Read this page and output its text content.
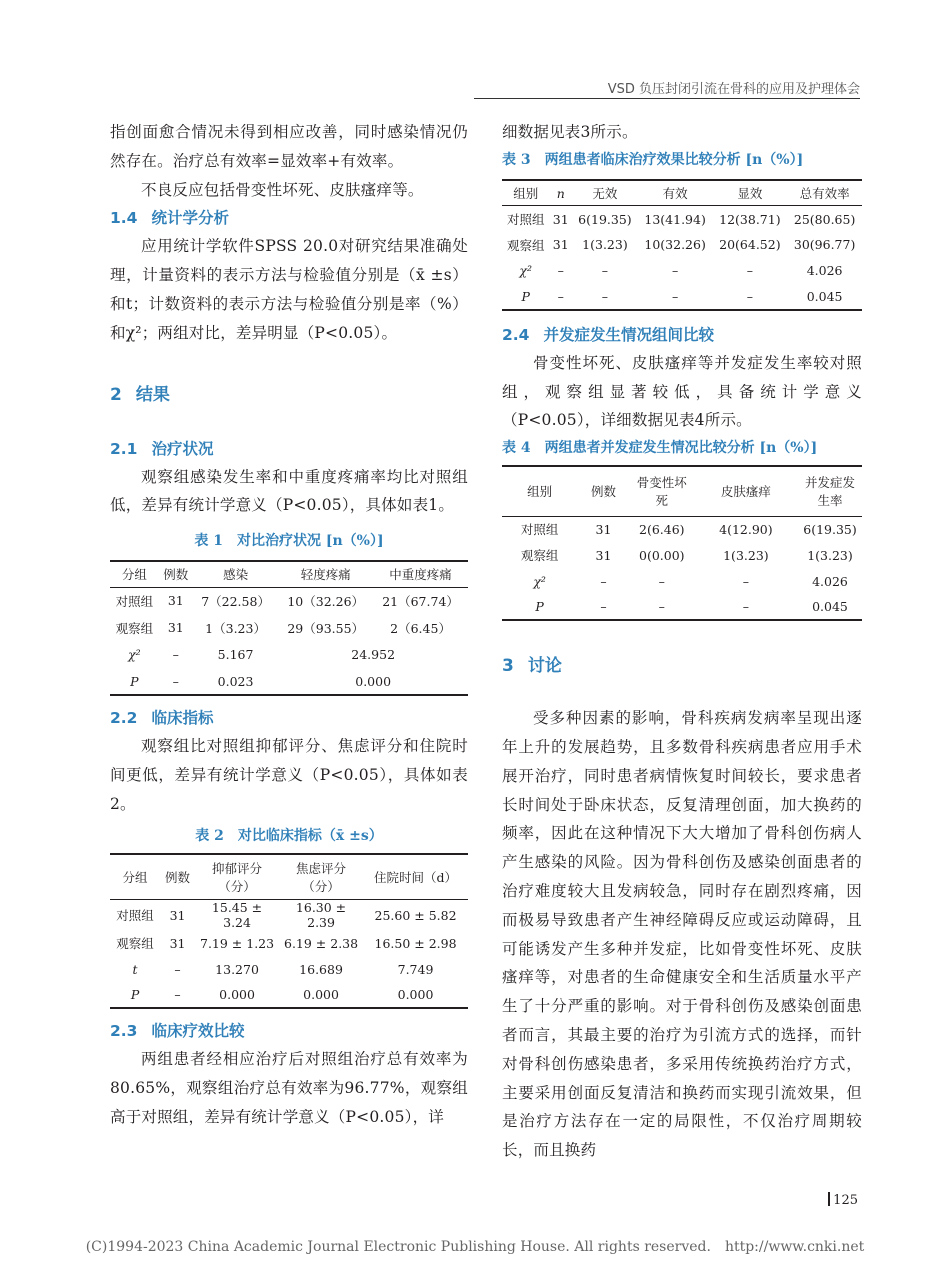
VSD 负压封闭引流在骨科的应用及护理体会

指创面愈合情况未得到相应改善，同时感染情况仍然存在。治疗总有效率=显效率+有效率。

不良反应包括骨变性坏死、皮肤瘙痒等。

1.4 统计学分析

应用统计学软件SPSS 20.0对研究结果准确处理，计量资料的表示方法与检验值分别是（x̄ ±s）和t；计数资料的表示方法与检验值分别是率（%）和χ²；两组对比，差异明显（P<0.05）。

2 结果
2.1 治疗状况

观察组感染发生率和中重度疼痛率均比对照组低，差异有统计学意义（P<0.05），具体如表1。

表 1　对比治疗状况 [n（%）]

分组	例数	感染	轻度疼痛	中重度疼痛
对照组	31	7（22.58）	10（32.26）	21（67.74）
观察组	31	1（3.23）	29（93.55）	2（6.45）
χ²	–	5.167	24.952	
P	–	0.023	0.000	
2.2 临床指标

观察组比对照组抑郁评分、焦虑评分和住院时间更低，差异有统计学意义（P<0.05），具体如表2。

表 2　对比临床指标（x̄ ±s）

分组	例数	抑郁评分（分）	焦虑评分（分）	住院时间（d）
对照组	31	15.45 ± 3.24	16.30 ± 2.39	25.60 ± 5.82
观察组	31	7.19 ± 1.23	6.19 ± 2.38	16.50 ± 2.98
t	–	13.270	16.689	7.749
P	–	0.000	0.000	0.000
2.3 临床疗效比较

两组患者经相应治疗后对照组治疗总有效率为80.65%，观察组治疗总有效率为96.77%，观察组高于对照组，差异有统计学意义（P<0.05），详

细数据见表3所示。

表 3　两组患者临床治疗效果比较分析 [n（%）]

组别	n	无效	有效	显效	总有效率
对照组	31	6(19.35)	13(41.94)	12(38.71)	25(80.65)
观察组	31	1(3.23)	10(32.26)	20(64.52)	30(96.77)
χ²	–	–	–	–	4.026
P	–	–	–	–	0.045
2.4 并发症发生情况组间比较

骨变性坏死、皮肤瘙痒等并发症发生率较对照组，观察组显著较低，具备统计学意义（P<0.05），详细数据见表4所示。

表 4　两组患者并发症发生情况比较分析 [n（%）]

组别	例数	骨变性坏死	皮肤瘙痒	并发症发生率
对照组	31	2(6.46)	4(12.90)	6(19.35)
观察组	31	0(0.00)	1(3.23)	1(3.23)
χ²	–	–	–	4.026
P	–	–	–	0.045
3 讨论

受多种因素的影响，骨科疾病发病率呈现出逐年上升的发展趋势，且多数骨科疾病患者应用手术展开治疗，同时患者病情恢复时间较长，要求患者长时间处于卧床状态，反复清理创面，加大换药的频率，因此在这种情况下大大增加了骨科创伤病人产生感染的风险。因为骨科创伤及感染创面患者的治疗难度较大且发病较急，同时存在剧烈疼痛，因而极易导致患者产生神经障碍反应或运动障碍，且可能诱发产生多种并发症，比如骨变性坏死、皮肤瘙痒等，对患者的生命健康安全和生活质量水平产生了十分严重的影响。对于骨科创伤及感染创面患者而言，其最主要的治疗为引流方式的选择，而针对骨科创伤感染患者，多采用传统换药治疗方式，主要采用创面反复清洁和换药而实现引流效果，但是治疗方法存在一定的局限性，不仅治疗周期较长，而且换药

125
(C)1994-2023 China Academic Journal Electronic Publishing House. All rights reserved.　http://www.cnki.net
